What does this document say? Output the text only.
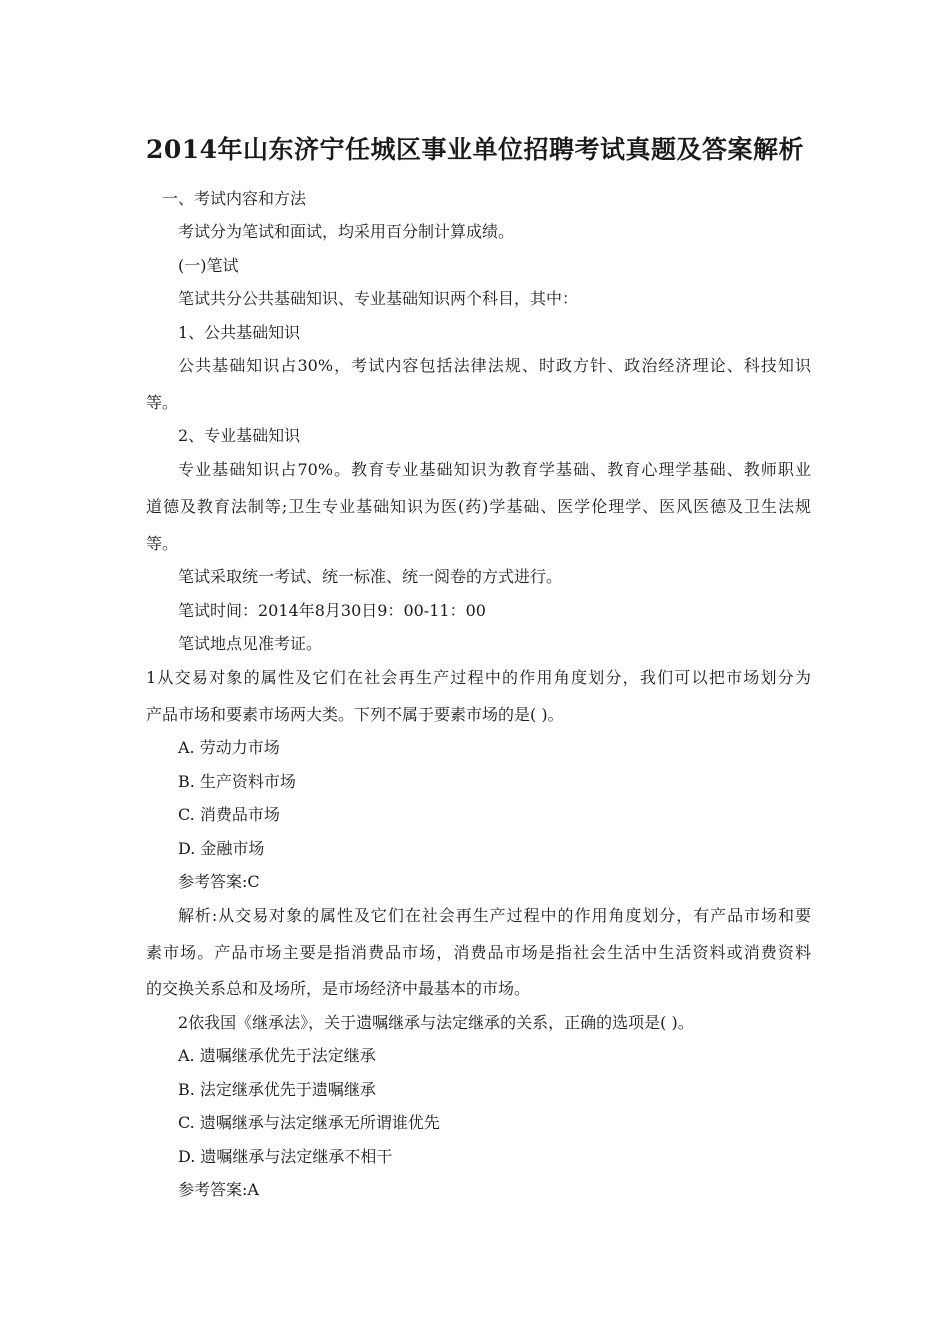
2014年山东济宁任城区事业单位招聘考试真题及答案解析
一、考试内容和方法
考试分为笔试和面试，均采用百分制计算成绩。
(一)笔试
笔试共分公共基础知识、专业基础知识两个科目，其中：
1、公共基础知识
公共基础知识占30%，考试内容包括法律法规、时政方针、政治经济理论、科技知识
等。
2、专业基础知识
专业基础知识占70%。教育专业基础知识为教育学基础、教育心理学基础、教师职业
道德及教育法制等;卫生专业基础知识为医(药)学基础、医学伦理学、医风医德及卫生法规
等。
笔试采取统一考试、统一标准、统一阅卷的方式进行。
笔试时间：2014年8月30日9：00-11：00
笔试地点见准考证。
1从交易对象的属性及它们在社会再生产过程中的作用角度划分，我们可以把市场划分为
产品市场和要素市场两大类。下列不属于要素市场的是( )。
A. 劳动力市场
B. 生产资料市场
C. 消费品市场
D. 金融市场
参考答案:C
解析:从交易对象的属性及它们在社会再生产过程中的作用角度划分，有产品市场和要
素市场。产品市场主要是指消费品市场，消费品市场是指社会生活中生活资料或消费资料
的交换关系总和及场所，是市场经济中最基本的市场。
2依我国《继承法》，关于遗嘱继承与法定继承的关系，正确的选项是( )。
A. 遗嘱继承优先于法定继承
B. 法定继承优先于遗嘱继承
C. 遗嘱继承与法定继承无所谓谁优先
D. 遗嘱继承与法定继承不相干
参考答案:A
